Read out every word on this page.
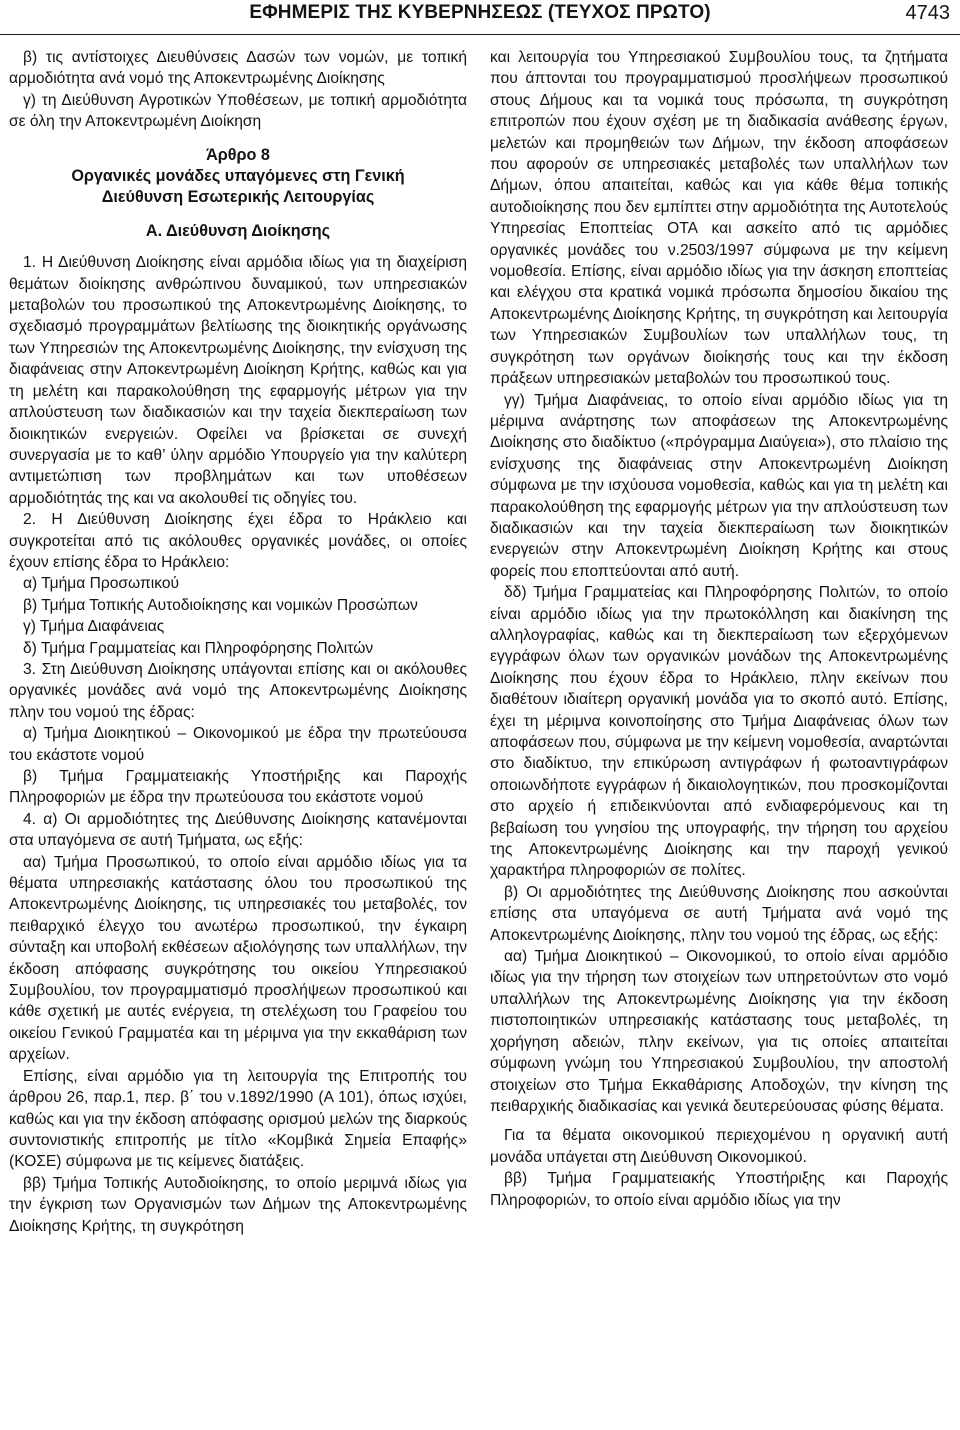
ΕΦΗΜΕΡΙΣ ΤΗΣ ΚΥΒΕΡΝΗΣΕΩΣ (ΤΕΥΧΟΣ ΠΡΩΤΟ)	4743

β) τις αντίστοιχες Διευθύνσεις Δασών των νομών, με τοπική αρμοδιότητα ανά νομό της Αποκεντρωμένης Διοίκησης

γ) τη Διεύθυνση Αγροτικών Υποθέσεων, με τοπική αρμοδιότητα σε όλη την Αποκεντρωμένη Διοίκηση

Άρθρο 8

Οργανικές μονάδες υπαγόμενες στη Γενική Διεύθυνση Εσωτερικής Λειτουργίας

Α. Διεύθυνση Διοίκησης

1. Η Διεύθυνση Διοίκησης είναι αρμόδια ιδίως για τη διαχείριση θεμάτων διοίκησης ανθρώπινου δυναμικού, των υπηρεσιακών μεταβολών του προσωπικού της Αποκεντρωμένης Διοίκησης, το σχεδιασμό προγραμμάτων βελτίωσης της διοικητικής οργάνωσης των Υπηρεσιών της Αποκεντρωμένης Διοίκησης, την ενίσχυση της διαφάνειας στην Αποκεντρωμένη Διοίκηση Κρήτης, καθώς και για τη μελέτη και παρακολούθηση της εφαρμογής μέτρων για την απλούστευση των διαδικασιών και την ταχεία διεκπεραίωση των διοικητικών ενεργειών. Οφείλει να βρίσκεται σε συνεχή συνεργασία με το καθ’ ύλην αρμόδιο Υπουργείο για την καλύτερη αντιμετώπιση των προβλημάτων και των υποθέσεων αρμοδιότητάς της και να ακολουθεί τις οδηγίες του.

2. Η Διεύθυνση Διοίκησης έχει έδρα το Ηράκλειο και συγκροτείται από τις ακόλουθες οργανικές μονάδες, οι οποίες έχουν επίσης έδρα το Ηράκλειο:

α) Τμήμα Προσωπικού

β) Τμήμα Τοπικής Αυτοδιοίκησης και νομικών Προσώπων

γ) Τμήμα Διαφάνειας

δ) Τμήμα Γραμματείας και Πληροφόρησης Πολιτών

3. Στη Διεύθυνση Διοίκησης υπάγονται επίσης και οι ακόλουθες οργανικές μονάδες ανά νομό της Αποκεντρωμένης Διοίκησης πλην του νομού της έδρας:

α) Τμήμα Διοικητικού – Οικονομικού με έδρα την πρωτεύουσα του εκάστοτε νομού

β) Τμήμα Γραμματειακής Υποστήριξης και Παροχής Πληροφοριών με έδρα την πρωτεύουσα του εκάστοτε νομού

4. α) Οι αρμοδιότητες της Διεύθυνσης Διοίκησης κατανέμονται στα υπαγόμενα σε αυτή Τμήματα, ως εξής:

αα) Τμήμα Προσωπικού, το οποίο είναι αρμόδιο ιδίως για τα θέματα υπηρεσιακής κατάστασης όλου του προσωπικού της Αποκεντρωμένης Διοίκησης, τις υπηρεσιακές του μεταβολές, τον πειθαρχικό έλεγχο του ανωτέρω προσωπικού, την έγκαιρη σύνταξη και υποβολή εκθέσεων αξιολόγησης των υπαλλήλων, την έκδοση απόφασης συγκρότησης του οικείου Υπηρεσιακού Συμβουλίου, τον προγραμματισμό προσλήψεων προσωπικού και κάθε σχετική με αυτές ενέργεια, τη στελέχωση του Γραφείου του οικείου Γενικού Γραμματέα και τη μέριμνα για την εκκαθάριση των αρχείων.

Επίσης, είναι αρμόδιο για τη λειτουργία της Επιτροπής του άρθρου 26, παρ.1, περ. β΄ του ν.1892/1990 (Α 101), όπως ισχύει, καθώς και για την έκδοση απόφασης ορισμού μελών της διαρκούς συντονιστικής επιτροπής με τίτλο «Κομβικά Σημεία Επαφής» (ΚΟΣΕ) σύμφωνα με τις κείμενες διατάξεις.

ββ) Τμήμα Τοπικής Αυτοδιοίκησης, το οποίο μεριμνά ιδίως για την έγκριση των Οργανισμών των Δήμων της Αποκεντρωμένης Διοίκησης Κρήτης, τη συγκρότηση

και λειτουργία του Υπηρεσιακού Συμβουλίου τους, τα ζητήματα που άπτονται του προγραμματισμού προσλήψεων προσωπικού στους Δήμους και τα νομικά τους πρόσωπα, τη συγκρότηση επιτροπών που έχουν σχέση με τη διαδικασία ανάθεσης έργων, μελετών και προμηθειών των Δήμων, την έκδοση αποφάσεων που αφορούν σε υπηρεσιακές μεταβολές των υπαλλήλων των Δήμων, όπου απαιτείται, καθώς και για κάθε θέμα τοπικής αυτοδιοίκησης που δεν εμπίπτει στην αρμοδιότητα της Αυτοτελούς Υπηρεσίας Εποπτείας ΟΤΑ και ασκείτο από τις αρμόδιες οργανικές μονάδες του ν.2503/1997 σύμφωνα με την κείμενη νομοθεσία. Επίσης, είναι αρμόδιο ιδίως για την άσκηση εποπτείας και ελέγχου στα κρατικά νομικά πρόσωπα δημοσίου δικαίου της Αποκεντρωμένης Διοίκησης Κρήτης, τη συγκρότηση και λειτουργία των Υπηρεσιακών Συμβουλίων των υπαλλήλων τους, τη συγκρότηση των οργάνων διοίκησής τους και την έκδοση πράξεων υπηρεσιακών μεταβολών του προσωπικού τους.

γγ) Τμήμα Διαφάνειας, το οποίο είναι αρμόδιο ιδίως για τη μέριμνα ανάρτησης των αποφάσεων της Αποκεντρωμένης Διοίκησης στο διαδίκτυο («πρόγραμμα Διαύγεια»), στο πλαίσιο της ενίσχυσης της διαφάνειας στην Αποκεντρωμένη Διοίκηση σύμφωνα με την ισχύουσα νομοθεσία, καθώς και για τη μελέτη και παρακολούθηση της εφαρμογής μέτρων για την απλούστευση των διαδικασιών και την ταχεία διεκπεραίωση των διοικητικών ενεργειών στην Αποκεντρωμένη Διοίκηση Κρήτης και στους φορείς που εποπτεύονται από αυτή.

δδ) Τμήμα Γραμματείας και Πληροφόρησης Πολιτών, το οποίο είναι αρμόδιο ιδίως για την πρωτοκόλληση και διακίνηση της αλληλογραφίας, καθώς και τη διεκπεραίωση των εξερχόμενων εγγράφων όλων των οργανικών μονάδων της Αποκεντρωμένης Διοίκησης που έχουν έδρα το Ηράκλειο, πλην εκείνων που διαθέτουν ιδιαίτερη οργανική μονάδα για το σκοπό αυτό. Επίσης, έχει τη μέριμνα κοινοποίησης στο Τμήμα Διαφάνειας όλων των αποφάσεων που, σύμφωνα με την κείμενη νομοθεσία, αναρτώνται στο διαδίκτυο, την επικύρωση αντιγράφων ή φωτοαντιγράφων οποιωνδήποτε εγγράφων ή δικαιολογητικών, που προσκομίζονται στο αρχείο ή επιδεικνύονται από ενδιαφερόμενους και τη βεβαίωση του γνησίου της υπογραφής, την τήρηση του αρχείου της Αποκεντρωμένης Διοίκησης και την παροχή γενικού χαρακτήρα πληροφοριών σε πολίτες.

β) Οι αρμοδιότητες της Διεύθυνσης Διοίκησης που ασκούνται επίσης στα υπαγόμενα σε αυτή Τμήματα ανά νομό της Αποκεντρωμένης Διοίκησης, πλην του νομού της έδρας, ως εξής:

αα) Τμήμα Διοικητικού – Οικονομικού, το οποίο είναι αρμόδιο ιδίως για την τήρηση των στοιχείων των υπηρετούντων στο νομό υπαλλήλων της Αποκεντρωμένης Διοίκησης για την έκδοση πιστοποιητικών υπηρεσιακής κατάστασης τους μεταβολές, τη χορήγηση αδειών, πλην εκείνων, για τις οποίες απαιτείται σύμφωνη γνώμη του Υπηρεσιακού Συμβουλίου, την αποστολή στοιχείων στο Τμήμα Εκκαθάρισης Αποδοχών, την κίνηση της πειθαρχικής διαδικασίας και γενικά δευτερεύουσας φύσης θέματα.

Για τα θέματα οικονομικού περιεχομένου η οργανική αυτή μονάδα υπάγεται στη Διεύθυνση Οικονομικού.

ββ) Τμήμα Γραμματειακής Υποστήριξης και Παροχής Πληροφοριών, το οποίο είναι αρμόδιο ιδίως για την
